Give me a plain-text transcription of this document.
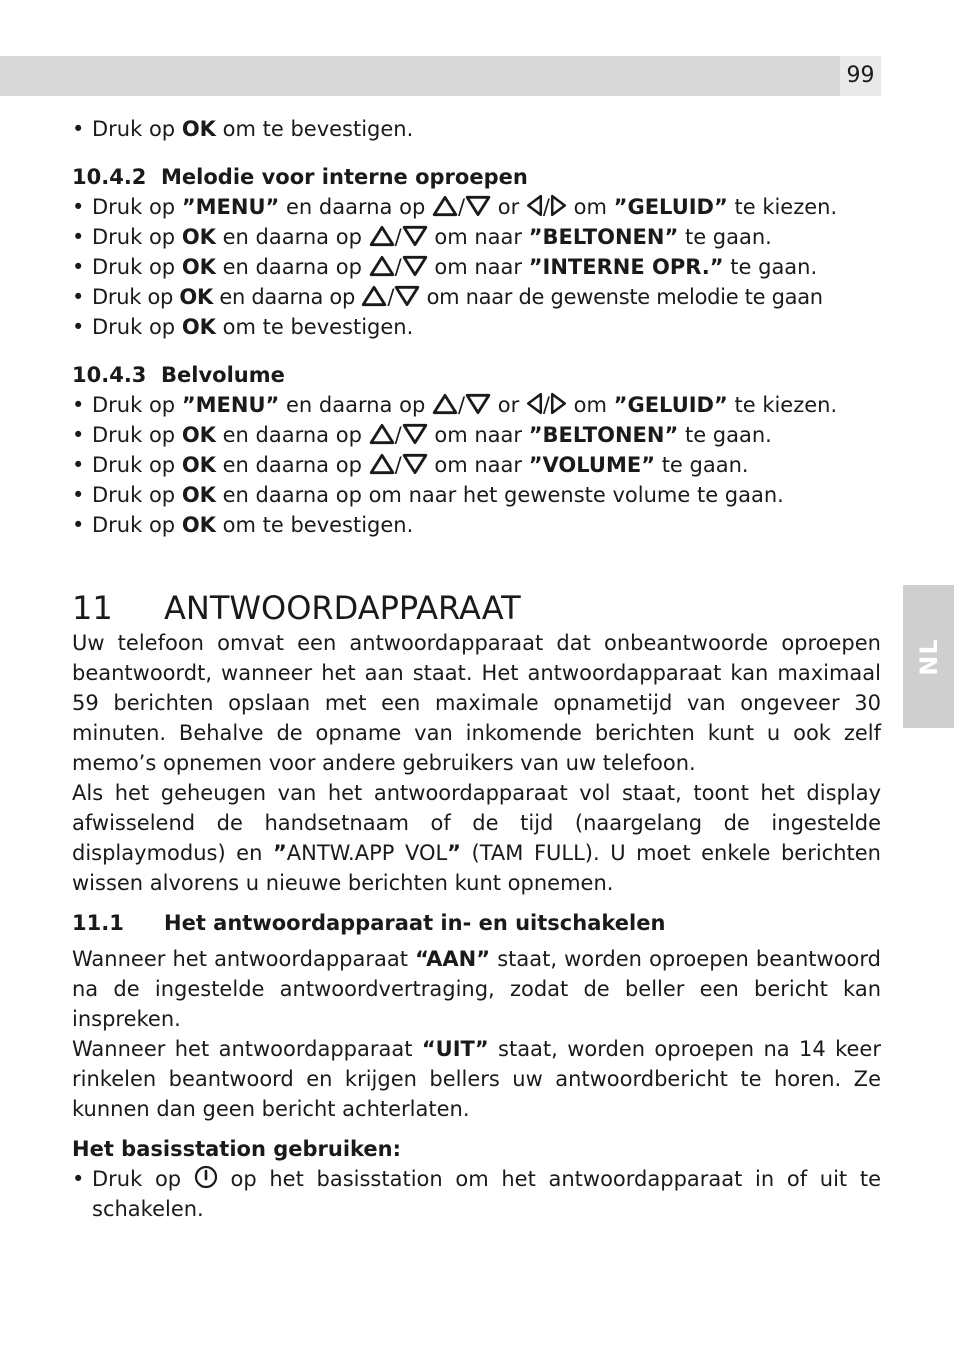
99
NL

• Druk op OK om te bevestigen.

10.4.2 Melodie voor interne oproepen

• Druk op ”MENU” en daarna op / or / om ”GELUID” te kiezen.

• Druk op OK en daarna op / om naar ”BELTONEN” te gaan.

• Druk op OK en daarna op / om naar ”INTERNE OPR.” te gaan.

• Druk op OK en daarna op / om naar de gewenste melodie te gaan

• Druk op OK om te bevestigen.

10.4.3 Belvolume

• Druk op ”MENU” en daarna op / or / om ”GELUID” te kiezen.

• Druk op OK en daarna op / om naar ”BELTONEN” te gaan.

• Druk op OK en daarna op / om naar ”VOLUME” te gaan.

• Druk op OK en daarna op om naar het gewenste volume te gaan.

• Druk op OK om te bevestigen.

11	ANTWOORDAPPARAAT

Uw telefoon omvat een antwoordapparaat dat onbeantwoorde oproepen beantwoordt, wanneer het aan staat. Het antwoordapparaat kan maximaal 59 berichten opslaan met een maximale opnametijd van ongeveer 30 minuten. Behalve de opname van inkomende berichten kunt u ook zelf memo’s opnemen voor andere gebruikers van uw telefoon.

Als het geheugen van het antwoordapparaat vol staat, toont het display afwisselend de handsetnaam of de tijd (naargelang de ingestelde displaymodus) en ”ANTW.APP VOL” (TAM FULL). U moet enkele berichten wissen alvorens u nieuwe berichten kunt opnemen.

11.1 Het antwoordapparaat in- en uitschakelen

Wanneer het antwoordapparaat “AAN” staat, worden oproepen beantwoord na de ingestelde antwoordvertraging, zodat de beller een bericht kan inspreken.

Wanneer het antwoordapparaat “UIT” staat, worden oproepen na 14 keer rinkelen beantwoord en krijgen bellers uw antwoordbericht te horen. Ze kunnen dan geen bericht achterlaten.

Het basisstation gebruiken:

• Druk op op het basisstation om het antwoordapparaat in of uit te schakelen.
